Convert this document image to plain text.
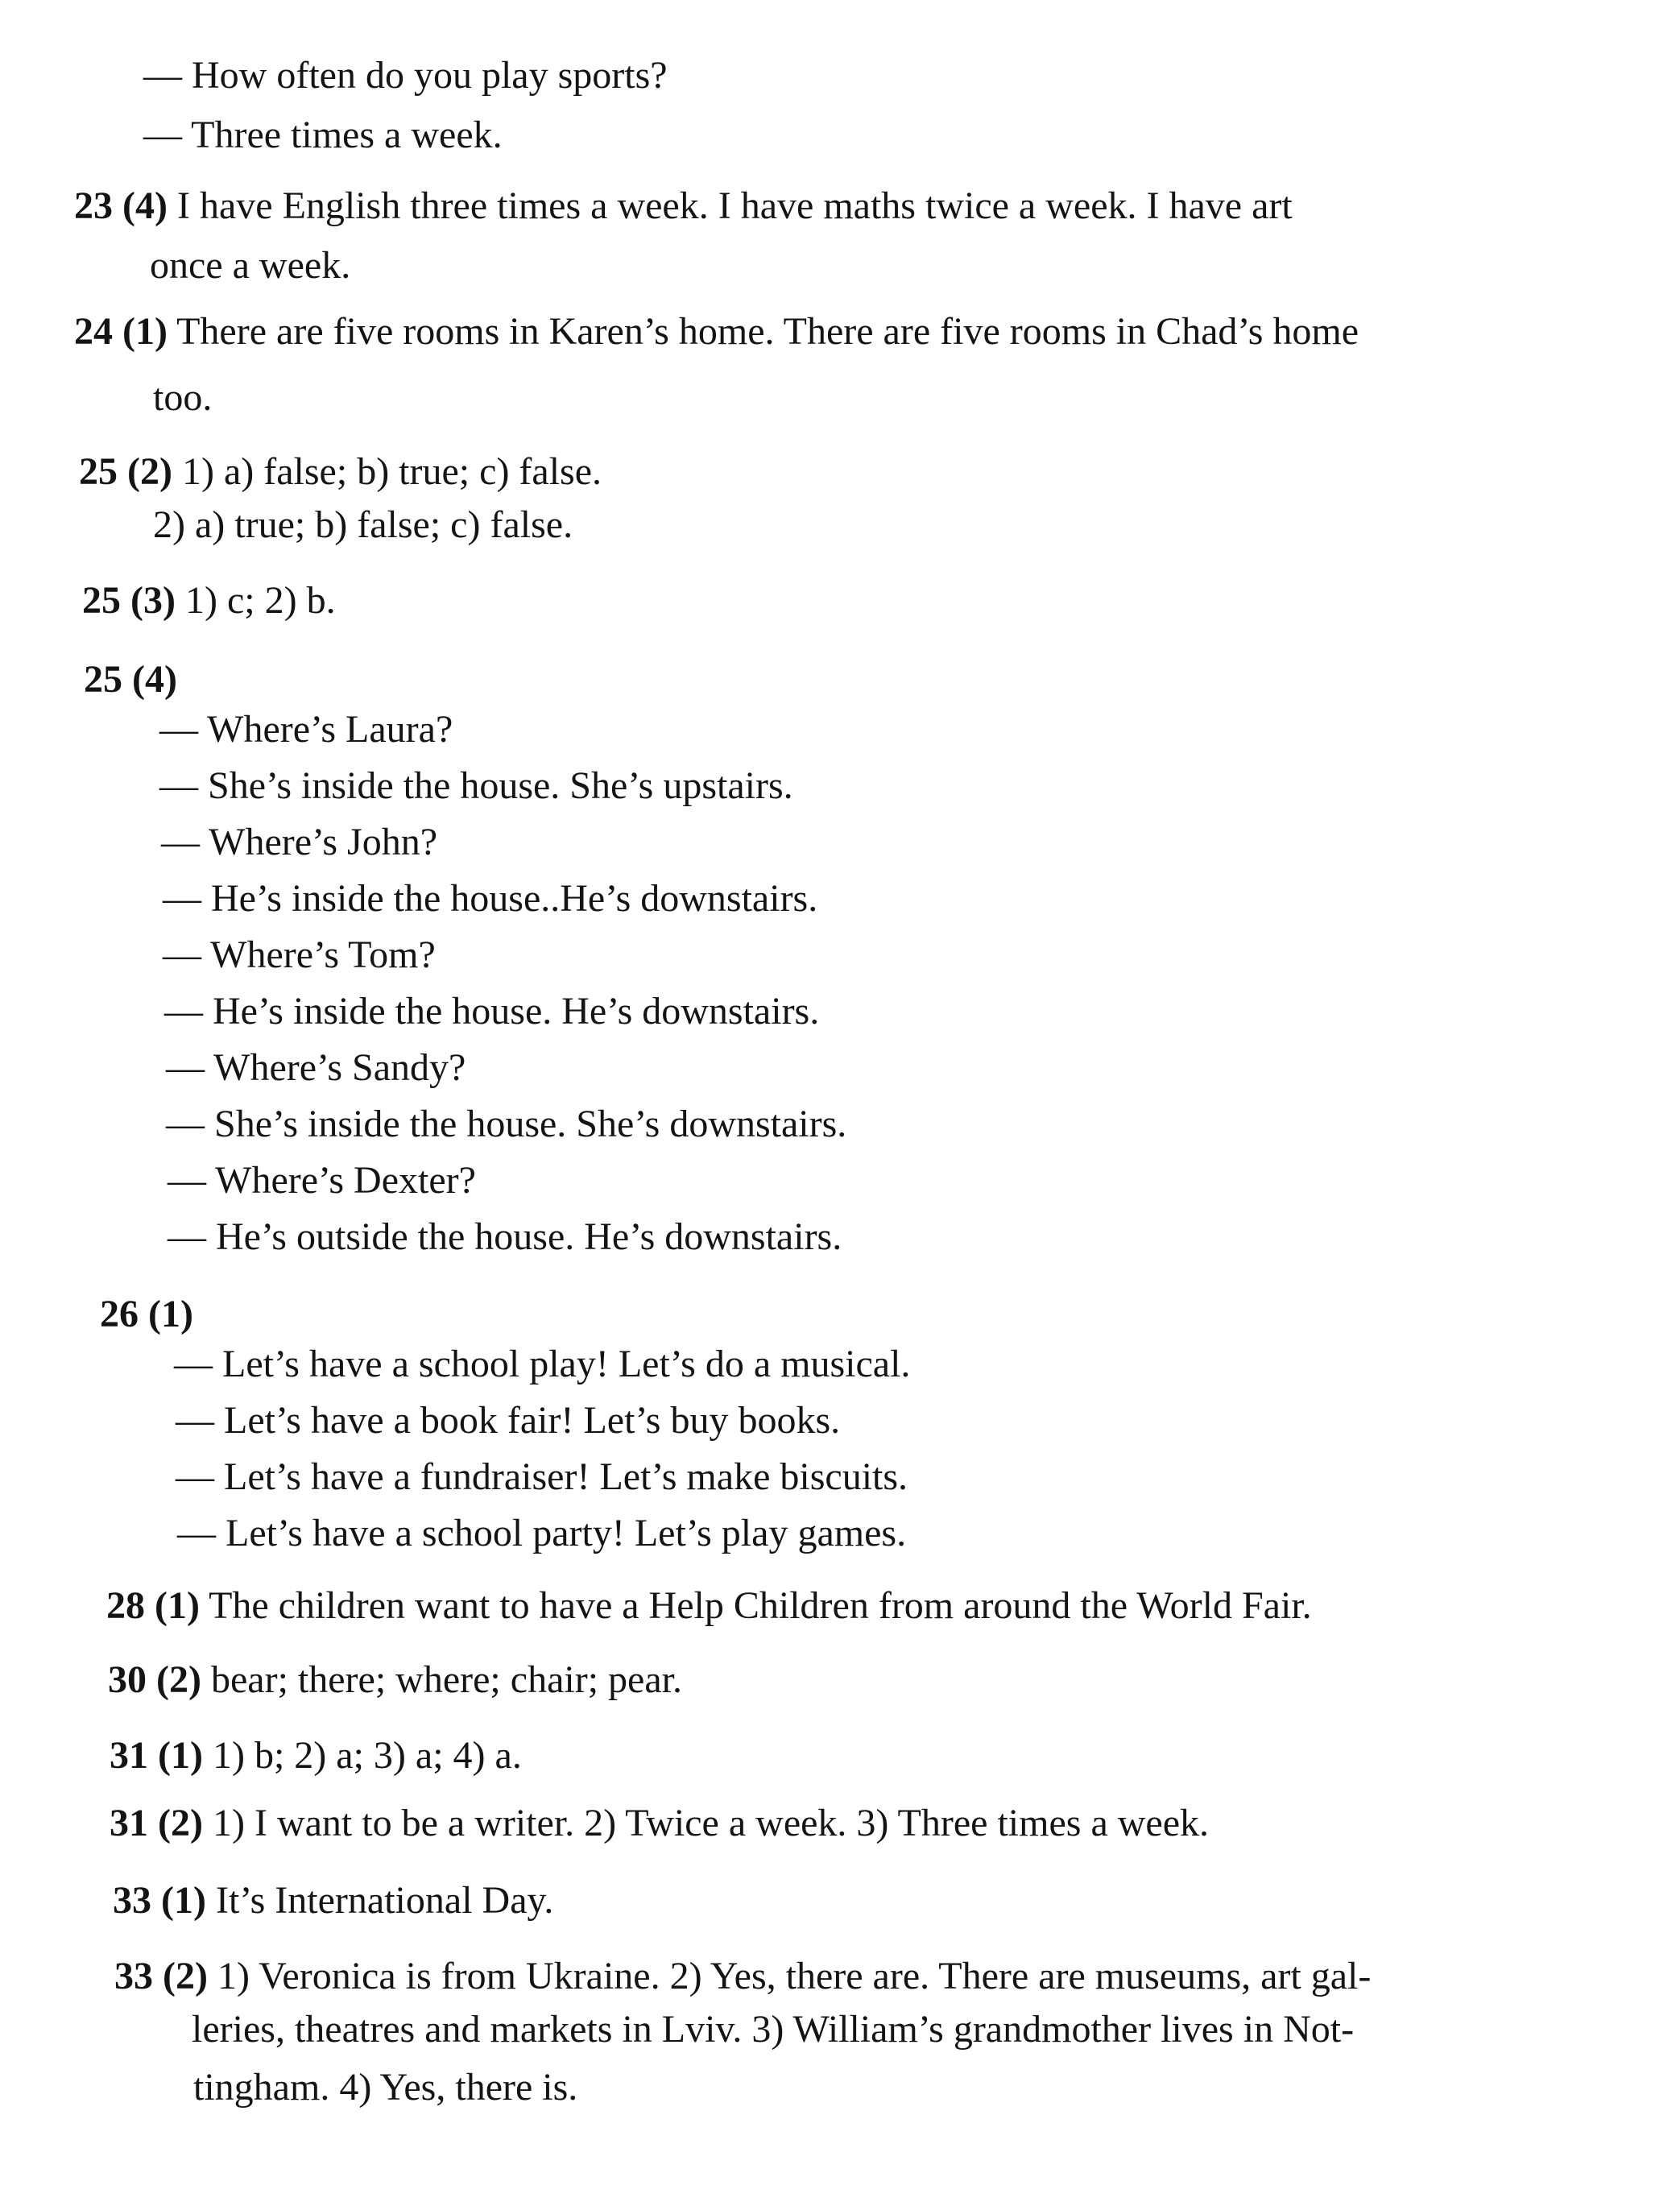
— How often do you play sports?
— Three times a week.
23 (4) I have English three times a week. I have maths twice a week. I have art
once a week.
24 (1) There are five rooms in Karen’s home. There are five rooms in Chad’s home
too.
25 (2) 1) a) false; b) true; c) false.
2) a) true; b) false; c) false.
25 (3) 1) c; 2) b.
25 (4)
— Where’s Laura?
— She’s inside the house. She’s upstairs.
— Where’s John?
— He’s inside the house..He’s downstairs.
— Where’s Tom?
— He’s inside the house. He’s downstairs.
— Where’s Sandy?
— She’s inside the house. She’s downstairs.
— Where’s Dexter?
— He’s outside the house. He’s downstairs.
26 (1)
— Let’s have a school play! Let’s do a musical.
— Let’s have a book fair! Let’s buy books.
— Let’s have a fundraiser! Let’s make biscuits.
— Let’s have a school party! Let’s play games.
28 (1) The children want to have a Help Children from around the World Fair.
30 (2) bear; there; where; chair; pear.
31 (1) 1) b; 2) a; 3) a; 4) a.
31 (2) 1) I want to be a writer. 2) Twice a week. 3) Three times a week.
33 (1) It’s International Day.
33 (2) 1) Veronica is from Ukraine. 2) Yes, there are. There are museums, art gal-
leries, theatres and markets in Lviv. 3) William’s grandmother lives in Not-
tingham. 4) Yes, there is.
